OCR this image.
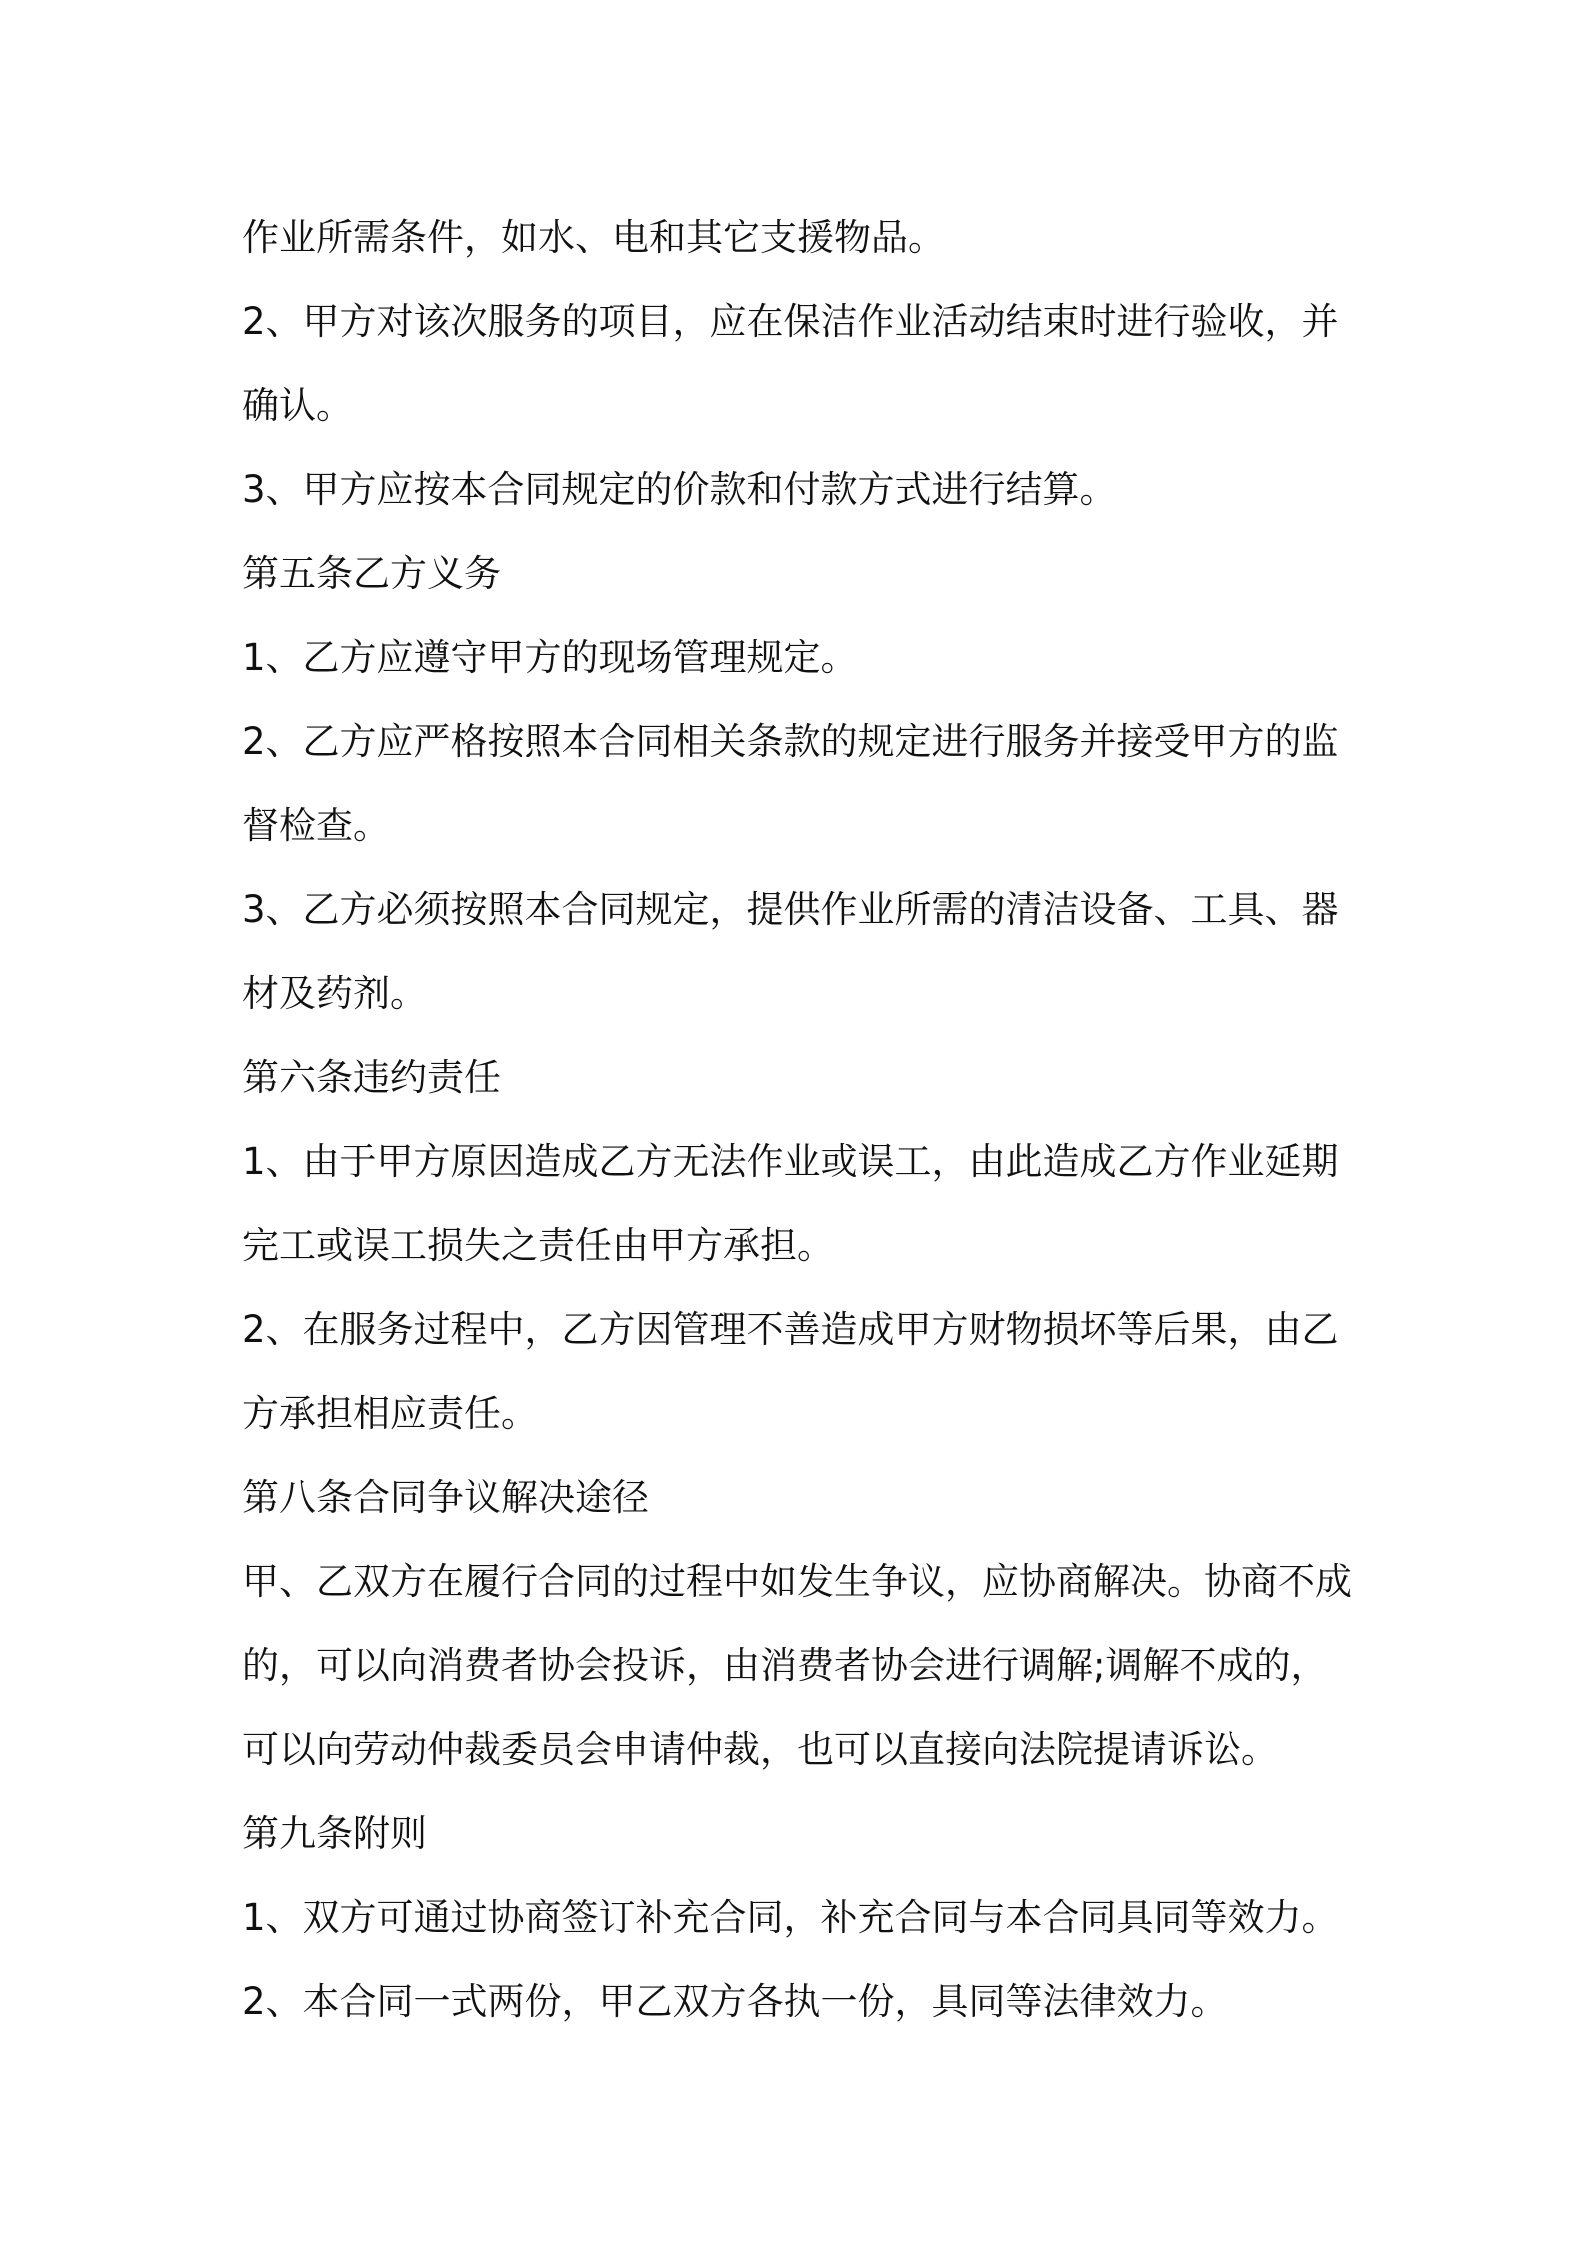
作业所需条件，如水、电和其它支援物品。
2、甲方对该次服务的项目，应在保洁作业活动结束时进行验收，并
确认。
3、甲方应按本合同规定的价款和付款方式进行结算。
第五条乙方义务
1、乙方应遵守甲方的现场管理规定。
2、乙方应严格按照本合同相关条款的规定进行服务并接受甲方的监
督检查。
3、乙方必须按照本合同规定，提供作业所需的清洁设备、工具、器
材及药剂。
第六条违约责任
1、由于甲方原因造成乙方无法作业或误工，由此造成乙方作业延期
完工或误工损失之责任由甲方承担。
2、在服务过程中，乙方因管理不善造成甲方财物损坏等后果，由乙
方承担相应责任。
第八条合同争议解决途径
甲、乙双方在履行合同的过程中如发生争议，应协商解决。协商不成
的，可以向消费者协会投诉，由消费者协会进行调解;调解不成的，
可以向劳动仲裁委员会申请仲裁，也可以直接向法院提请诉讼。
第九条附则
1、双方可通过协商签订补充合同，补充合同与本合同具同等效力。
2、本合同一式两份，甲乙双方各执一份，具同等法律效力。
